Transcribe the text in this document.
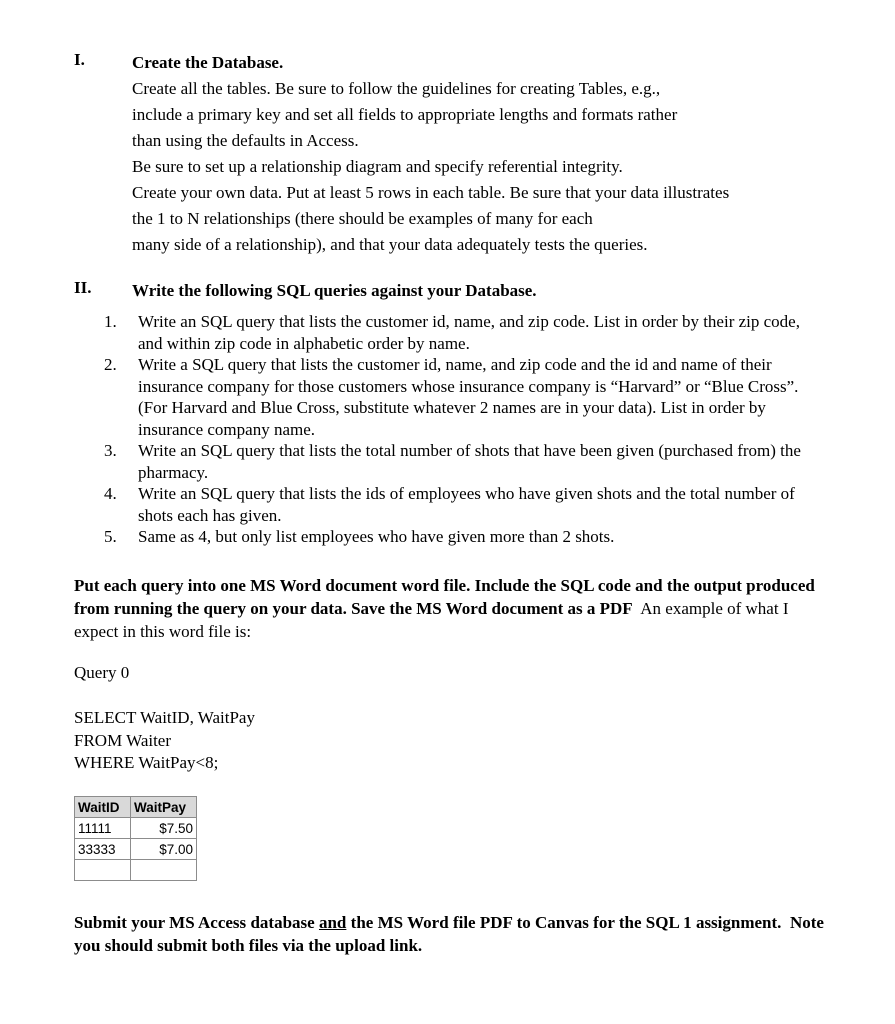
I.	Create the Database.
Create all the tables. Be sure to follow the guidelines for creating Tables, e.g.,
include a primary key and set all fields to appropriate lengths and formats rather
than using the defaults in Access.
Be sure to set up a relationship diagram and specify referential integrity.
Create your own data. Put at least 5 rows in each table. Be sure that your data illustrates
the 1 to N relationships (there should be examples of many for each
many side of a relationship), and that your data adequately tests the queries.
II. Write the following SQL queries against your Database.
1.	Write an SQL query that lists the customer id, name, and zip code. List in order by their zip code, and within zip code in alphabetic order by name.
2.	Write a SQL query that lists the customer id, name, and zip code and the id and name of their insurance company for those customers whose insurance company is “Harvard” or “Blue Cross”. (For Harvard and Blue Cross, substitute whatever 2 names are in your data). List in order by insurance company name.
3.	Write an SQL query that lists the total number of shots that have been given (purchased from) the pharmacy.
4.	Write an SQL query that lists the ids of employees who have given shots and the total number of shots each has given.
5.	Same as 4, but only list employees who have given more than 2 shots.
Put each query into one MS Word document word file. Include the SQL code and the output produced from running the query on your data. Save the MS Word document as a PDF  An example of what I expect in this word file is:
Query 0
SELECT WaitID, WaitPay
FROM Waiter
WHERE WaitPay<8;
WaitID	WaitPay
11111	$7.50
33333	$7.00

Submit your MS Access database and the MS Word file PDF to Canvas for the SQL 1 assignment.  Note you should submit both files via the upload link.
